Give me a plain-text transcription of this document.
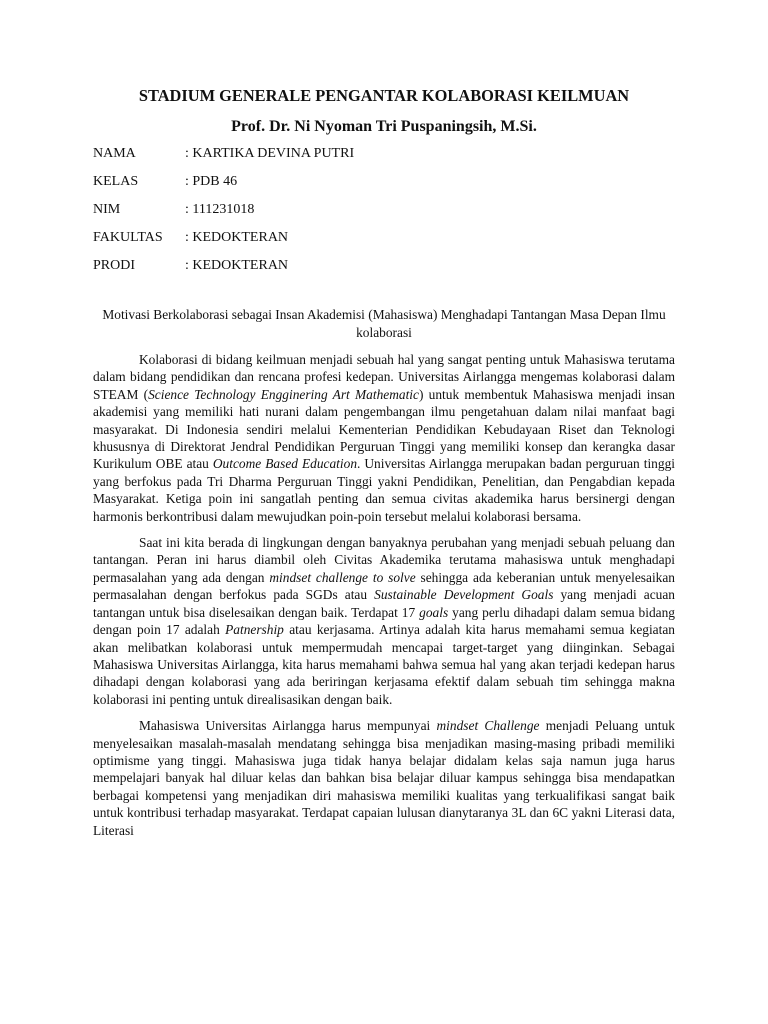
STADIUM GENERALE PENGANTAR KOLABORASI KEILMUAN
Prof. Dr. Ni Nyoman Tri Puspaningsih, M.Si.
NAMA	: KARTIKA DEVINA PUTRI
KELAS	: PDB 46
NIM	: 111231018
FAKULTAS	: KEDOKTERAN
PRODI	: KEDOKTERAN
Motivasi Berkolaborasi sebagai Insan Akademisi (Mahasiswa) Menghadapi Tantangan Masa Depan Ilmu kolaborasi

Kolaborasi di bidang keilmuan menjadi sebuah hal yang sangat penting untuk Mahasiswa terutama dalam bidang pendidikan dan rencana profesi kedepan. Universitas Airlangga mengemas kolaborasi dalam STEAM (Science Technology Engginering Art Mathematic) untuk membentuk Mahasiswa menjadi insan akademisi yang memiliki hati nurani dalam pengembangan ilmu pengetahuan dalam nilai manfaat bagi masyarakat. Di Indonesia sendiri melalui Kementerian Pendidikan Kebudayaan Riset dan Teknologi khususnya di Direktorat Jendral Pendidikan Perguruan Tinggi yang memiliki konsep dan kerangka dasar Kurikulum OBE atau Outcome Based Education. Universitas Airlangga merupakan badan perguruan tinggi yang berfokus pada Tri Dharma Perguruan Tinggi yakni Pendidikan, Penelitian, dan Pengabdian kepada Masyarakat. Ketiga poin ini sangatlah penting dan semua civitas akademika harus bersinergi dengan harmonis berkontribusi dalam mewujudkan poin-poin tersebut melalui kolaborasi bersama.

Saat ini kita berada di lingkungan dengan banyaknya perubahan yang menjadi sebuah peluang dan tantangan. Peran ini harus diambil oleh Civitas Akademika terutama mahasiswa untuk menghadapi permasalahan yang ada dengan mindset challenge to solve sehingga ada keberanian untuk menyelesaikan permasalahan dengan berfokus pada SGDs atau Sustainable Development Goals yang menjadi acuan tantangan untuk bisa diselesaikan dengan baik. Terdapat 17 goals yang perlu dihadapi dalam semua bidang dengan poin 17 adalah Patnership atau kerjasama. Artinya adalah kita harus memahami semua kegiatan akan melibatkan kolaborasi untuk mempermudah mencapai target-target yang diinginkan. Sebagai Mahasiswa Universitas Airlangga, kita harus memahami bahwa semua hal yang akan terjadi kedepan harus dihadapi dengan kolaborasi yang ada beriringan kerjasama efektif dalam sebuah tim sehingga makna kolaborasi ini penting untuk direalisasikan dengan baik.

Mahasiswa Universitas Airlangga harus mempunyai mindset Challenge menjadi Peluang untuk menyelesaikan masalah-masalah mendatang sehingga bisa menjadikan masing-masing pribadi memiliki optimisme yang tinggi. Mahasiswa juga tidak hanya belajar didalam kelas saja namun juga harus mempelajari banyak hal diluar kelas dan bahkan bisa belajar diluar kampus sehingga bisa mendapatkan berbagai kompetensi yang menjadikan diri mahasiswa memiliki kualitas yang terkualifikasi sangat baik untuk kontribusi terhadap masyarakat. Terdapat capaian lulusan dianytaranya 3L dan 6C yakni Literasi data, Literasi
